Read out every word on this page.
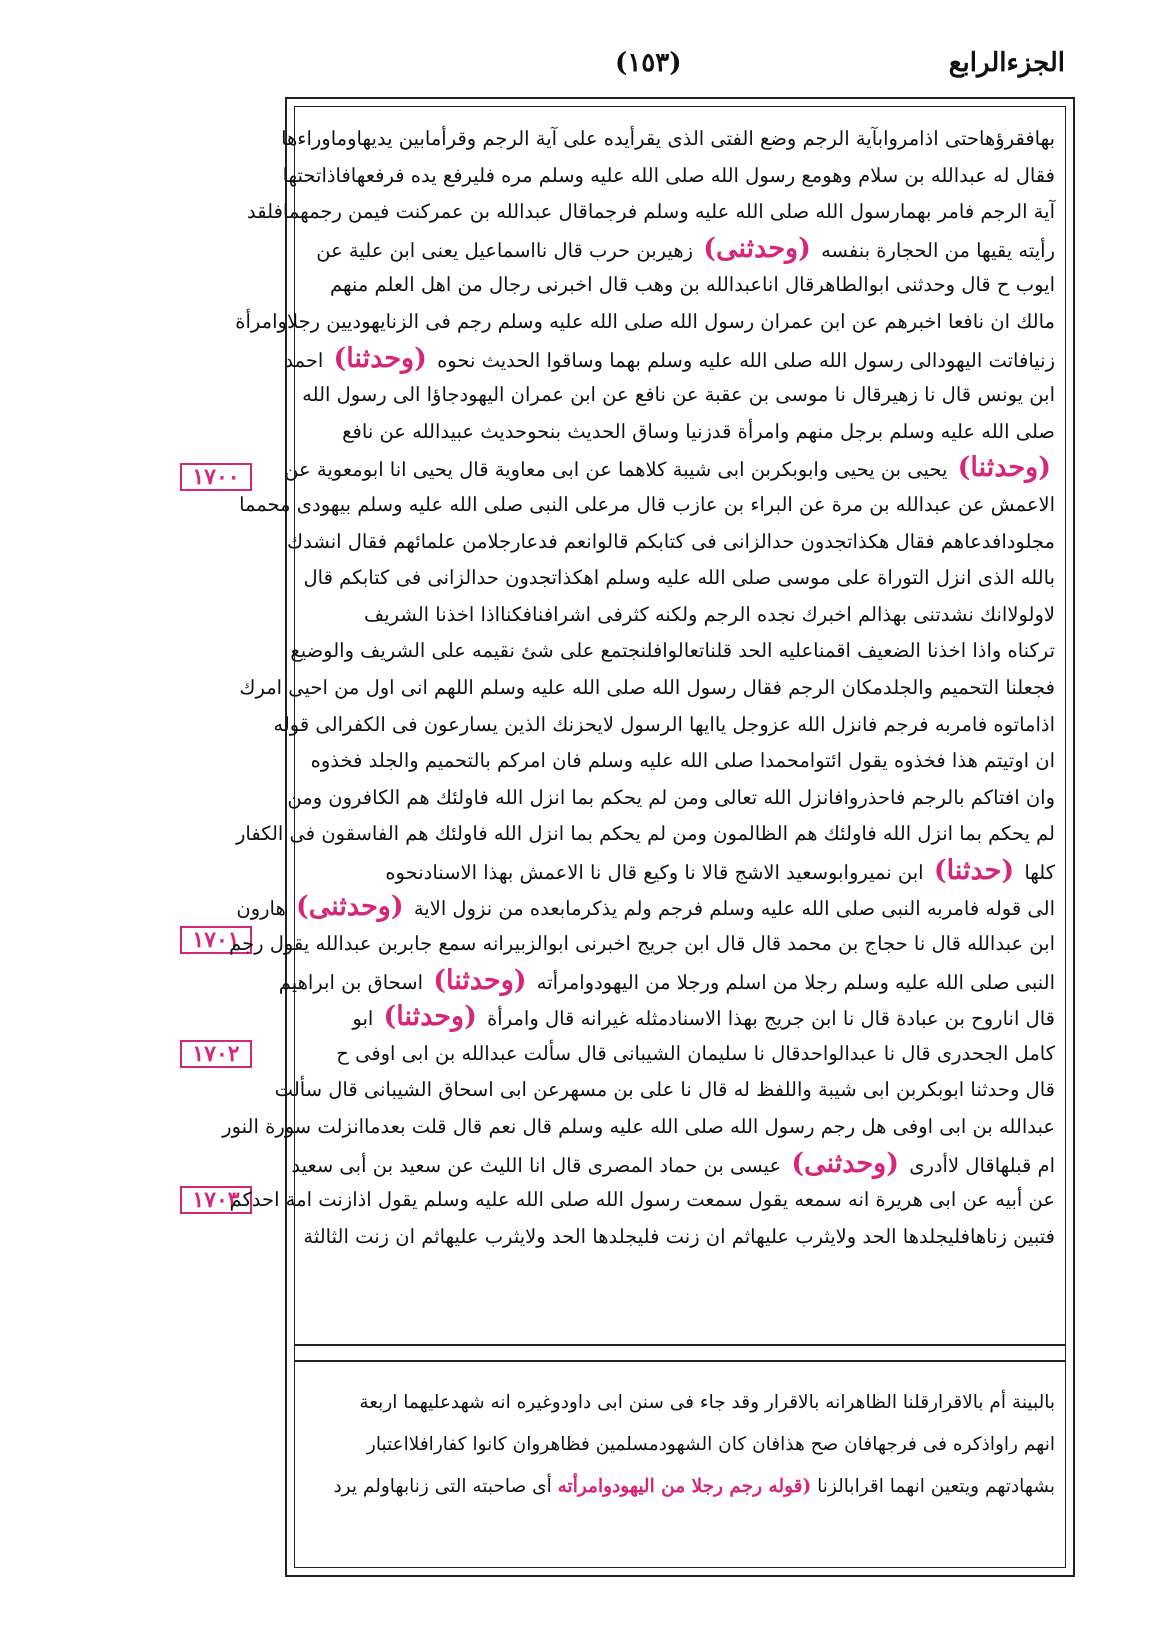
الجزءالرابع
(١٥٣)
١٧٠٠
١٧٠١
١٧٠٢
١٧٠٣
بهافقرؤهاحتى اذامروابآية الرجم وضع الفتى الذى يقرأيده على آية الرجم وقرأمابين يديهاوماوراءها
فقال له عبدالله بن سلام وهومع رسول الله صلى الله عليه وسلم مره فليرفع يده فرفعهافاذاتحتها
آية الرجم فامر بهمارسول الله صلى الله عليه وسلم فرجماقال عبدالله بن عمركنت فيمن رجمهمافلقد
رأيته يقيها من الحجارة بنفسه (وحدثنى) زهيربن حرب قال نااسماعيل يعنى ابن علية عن
ايوب ح قال وحدثنى ابوالطاهرقال اناعبدالله بن وهب قال اخبرنى رجال من اهل العلم منهم
مالك ان نافعا اخبرهم عن ابن عمران رسول الله صلى الله عليه وسلم رجم فى الزنايهوديين رجلاوامرأة
زنيافاتت اليهودالى رسول الله صلى الله عليه وسلم بهما وساقوا الحديث نحوه (وحدثنا) احمد
ابن يونس قال نا زهيرقال نا موسى بن عقبة عن نافع عن ابن عمران اليهودجاؤا الى رسول الله
صلى الله عليه وسلم برجل منهم وامرأة قدزنيا وساق الحديث بنحوحديث عبيدالله عن نافع
(وحدثنا) يحيى بن يحيى وابوبكربن ابى شيبة كلاهما عن ابى معاوية قال يحيى انا ابومعوية عن
الاعمش عن عبدالله بن مرة عن البراء بن عازب قال مرعلى النبى صلى الله عليه وسلم بيهودى محمما
مجلودافدعاهم فقال هكذاتجدون حدالزانى فى كتابكم قالوانعم فدعارجلامن علمائهم فقال انشدك
بالله الذى انزل التوراة على موسى صلى الله عليه وسلم اهكذاتجدون حدالزانى فى كتابكم قال
لاولولاانك نشدتنى بهذالم اخبرك نجده الرجم ولكنه كثرفى اشرافنافكنااذا اخذنا الشريف
تركناه واذا اخذنا الضعيف اقمناعليه الحد قلناتعالوافلنجتمع على شئ نقيمه على الشريف والوضيع
فجعلنا التحميم والجلدمكان الرجم فقال رسول الله صلى الله عليه وسلم اللهم انى اول من احيى امرك
اذاماتوه فامربه فرجم فانزل الله عزوجل ياايها الرسول لايحزنك الذين يسارعون فى الكفرالى قوله
ان اوتيتم هذا فخذوه يقول ائتوامحمدا صلى الله عليه وسلم فان امركم بالتحميم والجلد فخذوه
وان افتاكم بالرجم فاحذروافانزل الله تعالى ومن لم يحكم بما انزل الله فاولئك هم الكافرون ومن
لم يحكم بما انزل الله فاولئك هم الظالمون ومن لم يحكم بما انزل الله فاولئك هم الفاسقون فى الكفار
كلها (حدثنا) ابن نميروابوسعيد الاشج قالا نا وكيع قال نا الاعمش بهذا الاسنادنحوه
الى قوله فامربه النبى صلى الله عليه وسلم فرجم ولم يذكرمابعده من نزول الاية (وحدثنى) هارون
ابن عبدالله قال نا حجاج بن محمد قال قال ابن جريج اخبرنى ابوالزبيرانه سمع جابربن عبدالله يقول رجم
النبى صلى الله عليه وسلم رجلا من اسلم ورجلا من اليهودوامرأته (وحدثنا) اسحاق بن ابراهيم
قال اناروح بن عبادة قال نا ابن جريج بهذا الاسنادمثله غيرانه قال وامرأة (وحدثنا) ابو
كامل الجحدرى قال نا عبدالواحدقال نا سليمان الشيبانى قال سألت عبدالله بن ابى اوفى ح
قال وحدثنا ابوبكربن ابى شيبة واللفظ له قال نا على بن مسهرعن ابى اسحاق الشيبانى قال سألت
عبدالله بن ابى اوفى هل رجم رسول الله صلى الله عليه وسلم قال نعم قال قلت بعدماانزلت سورة النور
ام قبلهاقال لاأدرى (وحدثنى) عيسى بن حماد المصرى قال انا الليث عن سعيد بن أبى سعيد
عن أبيه عن ابى هريرة انه سمعه يقول سمعت رسول الله صلى الله عليه وسلم يقول اذازنت امة احدكم
فتبين زناهافليجلدها الحد ولايثرب عليهاثم ان زنت فليجلدها الحد ولايثرب عليهاثم ان زنت الثالثة
بالبينة أم بالاقرارقلنا الظاهرانه بالاقرار وقد جاء فى سنن ابى داودوغيره انه شهدعليهما اربعة
انهم راواذكره فى فرجهافان صح هذافان كان الشهودمسلمين فظاهروان كانوا كفارافلااعتبار
بشهادتهم ويتعين انهما اقرابالزنا (قوله رجم رجلا من اليهودوامرأته أى صاحبته التى زنابهاولم يرد
